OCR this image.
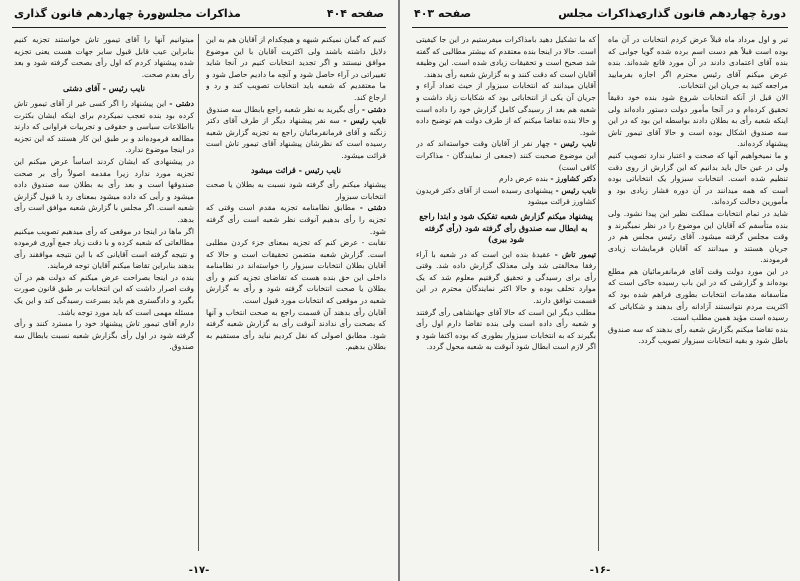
صفحه ۴۰۴
مذاکرات مجلس
دورهٔ چهاردهم قانون گذاری

کنیم که گمان نمیکنم شبهه و هیچکدام از آقایان هم به این دلایل داشته باشند ولی اکثریت آقایان با این موضوع موافق نیستند و اگر تجدید انتخابات کنیم در آنجا شاید تغییراتی در آراء حاصل شود و آنچه ما دادیم حاصل شود و ما معتقدیم که شعبه باید انتخابات تصویب کند و رد و ارجاع کند.

دشتی - رأی بگیرید به نظر شعبه راجع بابطال سه صندوق

نایب رئیس - سه نفر پیشنهاد دیگر از طرف آقای دکتر زنگنه و آقای فرمانفرمائیان راجع به تجزیه گزارش شعبه رسیده است که نظرشان پیشنهاد آقای تیمور تاش است قرائت میشود.

نایب رئیس - قرائت میشود

پیشنهاد میکنم رأی گرفته شود نسبت به بطلان یا صحت انتخابات سبزوار

دشتی - مطابق نظامنامه تجزیه مقدم است وقتی که تجزیه را رأی بدهیم آنوقت نظر شعبه است رأی گرفته شود.

نقابت - عرض کنم که تجزیه بمعنای جزء کردن مطلبی است. گزارش شعبه متضمن تحقیقات است و حالا که آقایان بطلان انتخابات سبزوار را خواسته‌اند در نظامنامه داخلی این حق بنده هست که تقاضای تجزیه کنم و رأی بطلان یا صحت انتخابات گرفته شود و رأی به گزارش شعبه در موقعی که انتخابات مورد قبول است.

آقایان رأی بدهند آن قسمت راجع به صحت انتخاب و آنها که بصحت رأی ندادند آنوقت رأی به گزارش شعبه گرفته شود. مطابق اصولی که نقل کردیم نباید رأی مستقیم به بطلان بدهیم.

میتوانیم آنها را آقای تیمور تاش خواستند تجزیه کنیم بنابراین عیب قابل قبول سایر جهات هست یعنی تجزیه شده پیشنهاد کردم که اول رأی بصحت گرفته شود و بعد رأی بعدم صحت.

نایب رئیس - آقای دشتی

دشتی - این پیشنهاد را اگر کسی غیر از آقای تیمور تاش کرده بود بنده تعجب نمیکردم برای اینکه ایشان بکثرت بااطلاعات سیاسی و حقوقی و تجربیات فراوانی که دارند مطالعه فرموده‌اند و بر طبق این کار هستند که این تجزیه در اینجا موضوع ندارد.

در پیشنهادی که ایشان کردند اساساً عرض میکنم این تجزیه مورد ندارد زیرا مقدمه اصولاً رأی بر صحت صندوقها است و بعد رأی به بطلان سه صندوق داده میشود و رأیی که داده میشود بمعنای رد یا قبول گزارش شعبه است. اگر مجلس با گزارش شعبه موافق است رأی بدهد.

اگر ماها در اینجا در موقعی که رأی میدهیم تصویب میکنیم مطالعاتی که شعبه کرده و با دقت زیاد جمع آوری فرموده و نتیجه گرفته است آقایانی که با این نتیجه موافقند رأی بدهند بنابراین تقاضا میکنم آقایان توجه فرمایند.

بنده در اینجا بصراحت عرض میکنم که دولت هم در آن وقت اصرار داشت که این انتخابات بر طبق قانون صورت بگیرد و دادگستری هم باید بسرعت رسیدگی کند و این یک مسئله مهمی است که باید مورد توجه باشد.

دارم آقای تیمور تاش پیشنهاد خود را مسترد کنند و رأی گرفته شود در اول رأی بگزارش شعبه نسبت بابطال سه صندوق.

-۱۷-
دورهٔ چهاردهم قانون گذاری
مذاکرات مجلس
صفحه ۴۰۳

تیر و اول مرداد ماه قبلاً عرض کردم انتخابات در آن ماه بوده است قبلاً هم دست اسم برده شده گویا جوابی که بنده آقای اعتمادی دادند در آن مورد قانع شده‌اند. بنده عرض میکنم آقای رئیس محترم اگر اجازه بفرمایید مراجعه کنید به جریان این انتخابات.

الان قبل از آنکه انتخابات شروع شود بنده خود دقیقاً تحقیق کرده‌ام و در آنجا مأمور دولت دستور داده‌اند ولی اینکه شعبه رأی به بطلان دادند بواسطه این بود که در این سه صندوق اشکال بوده است و حالا آقای تیمور تاش پیشنهاد کرده‌اند.

و ما نمیخواهیم آنها که صحت و اعتبار ندارد تصویب کنیم ولی در عین حال باید بدانیم که این گزارش از روی دقت تنظیم شده است. انتخابات سبزوار یک انتخاباتی بوده است که همه میدانند در آن دوره فشار زیادی بود و مأمورین دخالت کرده‌اند.

شاید در تمام انتخابات مملکت نظیر این پیدا نشود. ولی بنده متأسفم که آقایان این موضوع را در نظر نمیگیرند و وقت مجلس گرفته میشود. آقای رئیس مجلس هم در جریان هستند و میدانند که آقایان فرمایشات زیادی فرمودند.

در این مورد دولت وقت آقای فرمانفرمائیان هم مطلع بوده‌اند و گزارشی که در این باب رسیده حاکی است که متأسفانه مقدمات انتخابات بطوری فراهم شده بود که اکثریت مردم نتوانستند آزادانه رأی بدهند و شکایاتی که رسیده است مؤید همین مطلب است.

بنده تقاضا میکنم بگزارش شعبه رأی بدهند که سه صندوق باطل شود و بقیه انتخابات سبزوار تصویب گردد.

که ما تشکیل دهید بامذاکرات میفرستیم در این جا کیفیتی است. حالا در اینجا بنده معتقدم که بیشتر مطالبی که گفته شد صحیح است و تحقیقات زیادی شده است. این وظیفه آقایان است که دقت کنند و به گزارش شعبه رأی بدهند.

آقایان میدانند که انتخابات سبزوار از حیث تعداد آراء و جریان آن یکی از انتخاباتی بود که شکایات زیاد داشت و شعبه هم بعد از رسیدگی کامل گزارش خود را داده است و حالا بنده تقاضا میکنم که از طرف دولت هم توضیح داده شود.

نایب رئیس - چهار نفر از آقایان وقت خواسته‌اند که در این موضوع صحبت کنند (جمعی از نمایندگان - مذاکرات کافی است)

دکتر کشاورز - بنده عرض دارم

نایب رئیس - پیشنهادی رسیده است از آقای دکتر فریدون کشاورز قرائت میشود

پیشنهاد میکنم گزارش شعبه تفکیک شود و ابتدا راجع به ابطال سه صندوق رأی گرفته شود (رأی گرفته شود بیری)

تیمور تاش - عقیدهٔ بنده این است که در شعبه با آراء رفقا مخالفتی شد ولی معذلک گزارش داده شد. وقتی رأی برای رسیدگی و تحقیق گرفتیم معلوم شد که یک موارد تخلف بوده و حالا اکثر نمایندگان محترم در این قسمت توافق دارند.

مطلب دیگر این است که حالا آقای جهانشاهی رأی گرفتند و شعبه رأی داده است ولی بنده تقاضا دارم اول رأی بگیرند که به انتخابات سبزوار بطوری که بوده اکتفا شود و اگر لازم است ابطال شود آنوقت به شعبه محول گردد.

-۱۶-
